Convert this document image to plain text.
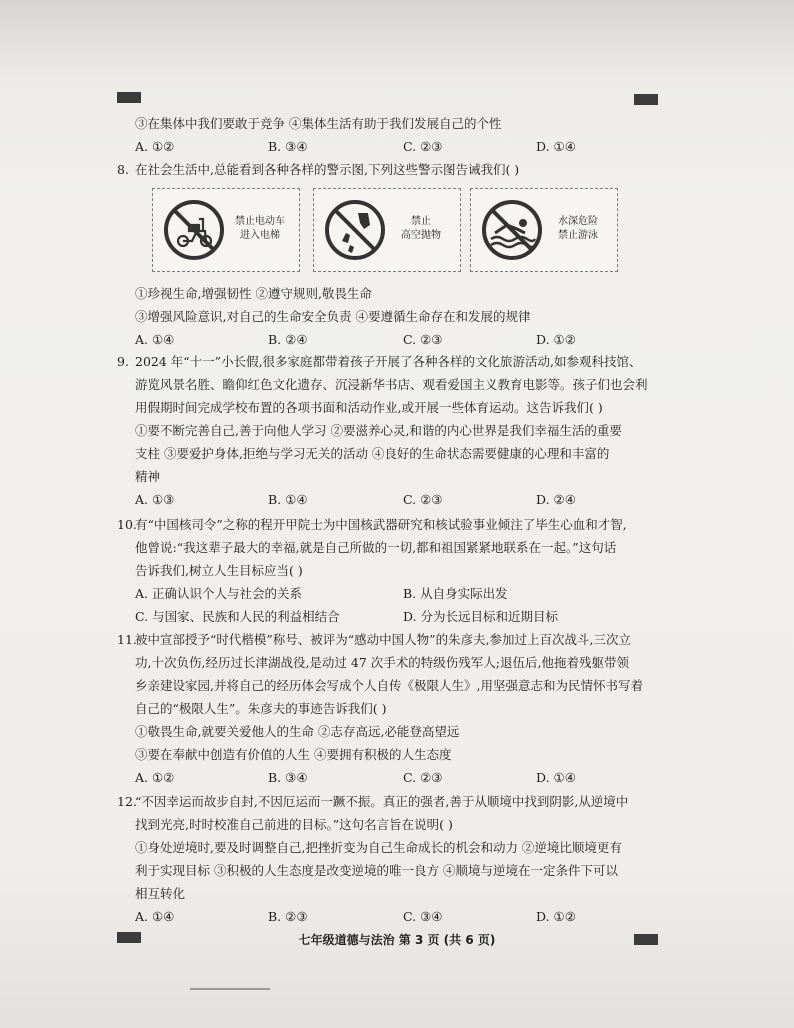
③在集体中我们要敢于竞争 ④集体生活有助于我们发展自己的个性
A. ①②	B. ③④	C. ②③	D. ①④
8. 在社会生活中,总能看到各种各样的警示图,下列这些警示图告诫我们( )
禁止电动车
进入电梯
禁止
高空抛物
水深危险
禁止游泳
①珍视生命,增强韧性 ②遵守规则,敬畏生命
③增强风险意识,对自己的生命安全负责 ④要遵循生命存在和发展的规律
A. ①④	B. ②④	C. ②③	D. ①②
9. 2024 年“十一”小长假,很多家庭都带着孩子开展了各种各样的文化旅游活动,如参观科技馆、
游览风景名胜、瞻仰红色文化遗存、沉浸新华书店、观看爱国主义教育电影等。孩子们也会利
用假期时间完成学校布置的各项书面和活动作业,或开展一些体育运动。这告诉我们( )
①要不断完善自己,善于向他人学习 ②要滋养心灵,和谐的内心世界是我们幸福生活的重要
支柱 ③要爱护身体,拒绝与学习无关的活动 ④良好的生命状态需要健康的心理和丰富的
精神
A. ①③	B. ①④	C. ②③	D. ②④
10.
有“中国核司令”之称的程开甲院士为中国核武器研究和核试验事业倾注了毕生心血和才智,
他曾说:“我这辈子最大的幸福,就是自己所做的一切,都和祖国紧紧地联系在一起。”这句话
告诉我们,树立人生目标应当( )
A. 正确认识个人与社会的关系	B. 从自身实际出发
C. 与国家、民族和人民的利益相结合	D. 分为长远目标和近期目标
11.
被中宣部授予“时代楷模”称号、被评为“感动中国人物”的朱彦夫,参加过上百次战斗,三次立
功,十次负伤,经历过长津湖战役,是动过 47 次手术的特级伤残军人;退伍后,他拖着残躯带领
乡亲建设家园,并将自己的经历体会写成个人自传《极限人生》,用坚强意志和为民情怀书写着
自己的“极限人生”。朱彦夫的事迹告诉我们( )
①敬畏生命,就要关爱他人的生命 ②志存高远,必能登高望远
③要在奉献中创造有价值的人生 ④要拥有积极的人生态度
A. ①②	B. ③④	C. ②③	D. ①④
12.
“不因幸运而故步自封,不因厄运而一蹶不振。真正的强者,善于从顺境中找到阴影,从逆境中
找到光亮,时时校准自己前进的目标。”这句名言旨在说明( )
①身处逆境时,要及时调整自己,把挫折变为自己生命成长的机会和动力 ②逆境比顺境更有
利于实现目标 ③积极的人生态度是改变逆境的唯一良方 ④顺境与逆境在一定条件下可以
相互转化
A. ①④	B. ②③	C. ③④	D. ①②
七年级道德与法治 第 3 页 (共 6 页)
